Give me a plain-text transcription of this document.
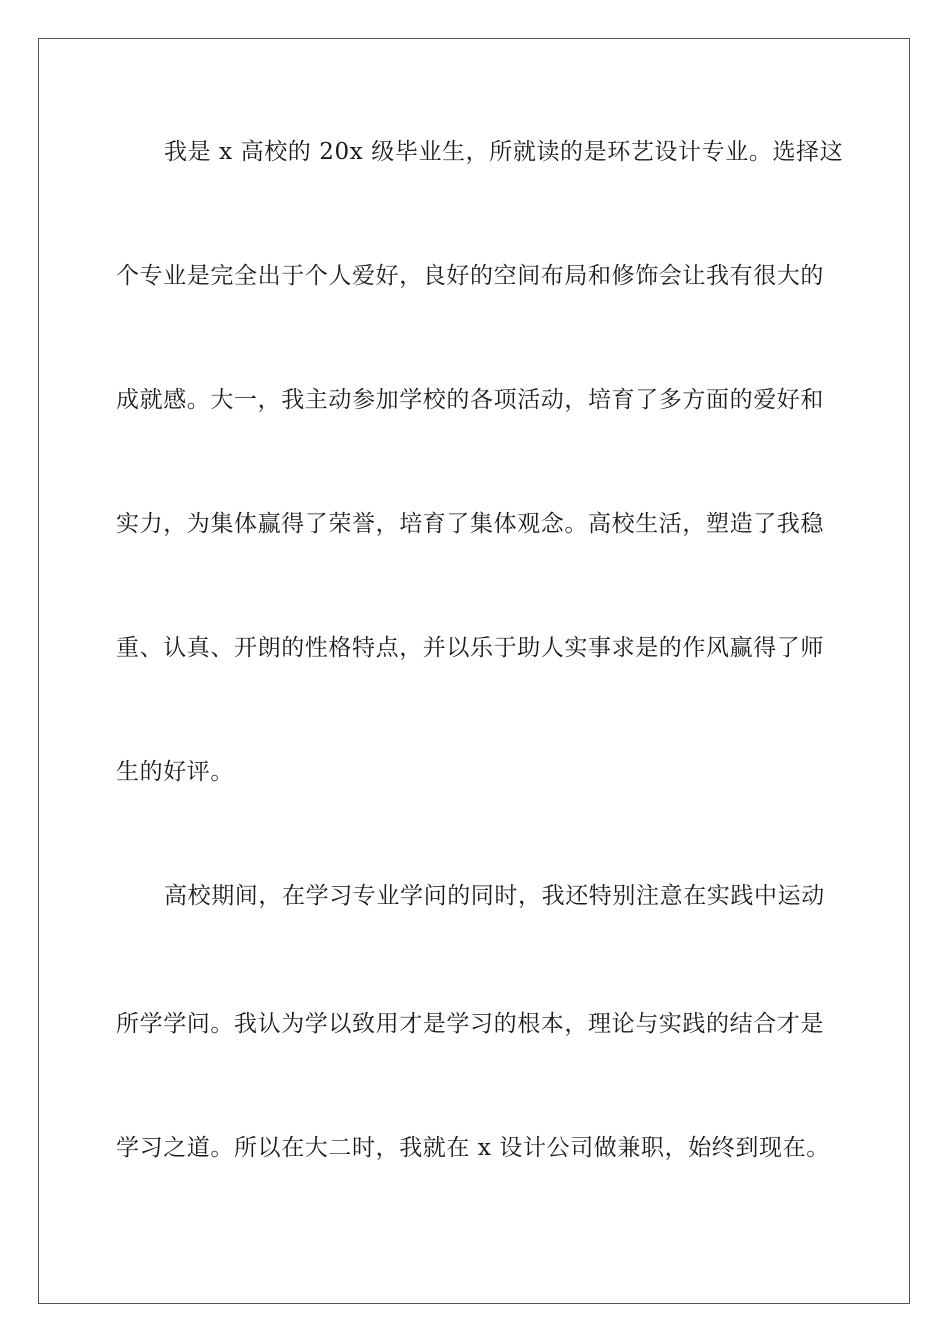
我是 x 高校的 20x 级毕业生，所就读的是环艺设计专业。选择这
个专业是完全出于个人爱好，良好的空间布局和修饰会让我有很大的
成就感。大一，我主动参加学校的各项活动，培育了多方面的爱好和
实力，为集体赢得了荣誉，培育了集体观念。高校生活，塑造了我稳
重、认真、开朗的性格特点，并以乐于助人实事求是的作风赢得了师
生的好评。
高校期间，在学习专业学问的同时，我还特别注意在实践中运动
所学学问。我认为学以致用才是学习的根本，理论与实践的结合才是
学习之道。所以在大二时，我就在 x 设计公司做兼职，始终到现在。
